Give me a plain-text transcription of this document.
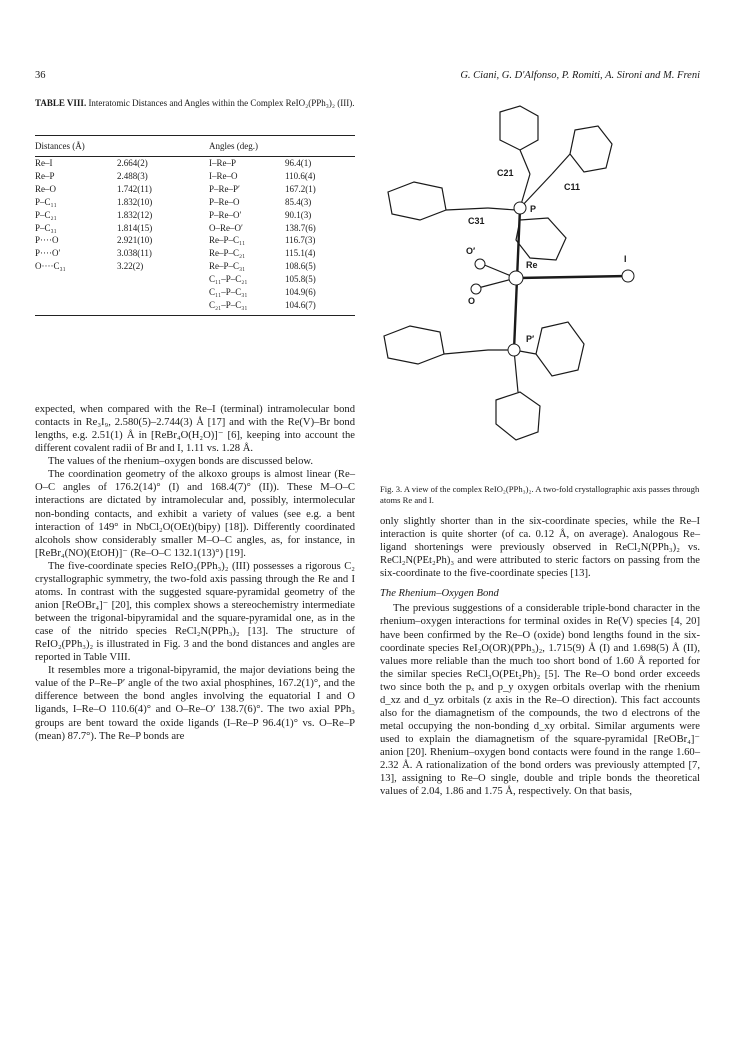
36	G. Ciani, G. D'Alfonso, P. Romiti, A. Sironi and M. Freni
TABLE VIII. Interatomic Distances and Angles within the Complex ReIO₂(PPh₃)₂ (III).
Distances (Å)		Angles (deg.)	
Re–I	2.664(2)	I–Re–P	96.4(1)
Re–P	2.488(3)	I–Re–O	110.6(4)
Re–O	1.742(11)	P–Re–P′	167.2(1)
P–C₁₁	1.832(10)	P–Re–O	85.4(3)
P–C₂₁	1.832(12)	P–Re–O′	90.1(3)
P–C₃₁	1.814(15)	O–Re–O′	138.7(6)
P····O	2.921(10)	Re–P–C₁₁	116.7(3)
P····O′	3.038(11)	Re–P–C₂₁	115.1(4)
O····C₃₁	3.22(2)	Re–P–C₃₁	108.6(5)
		C₁₁–P–C₂₁	105.8(5)
		C₁₁–P–C₃₁	104.9(6)
		C₂₁–P–C₃₁	104.6(7)
C21
C11
C31
P
O′
Re
I
O
P′
Fig. 3. A view of the complex ReIO₂(PPh₃)₂. A two-fold crystallographic axis passes through atoms Re and I.

expected, when compared with the Re–I (terminal) intramolecular bond contacts in Re₃I₉, 2.580(5)–2.744(3) Å [17] and with the Re(V)–Br bond lengths, e.g. 2.51(1) Å in [ReBr₄O(H₂O)]⁻ [6], keeping into account the different covalent radii of Br and I, 1.11 vs. 1.28 Å.

The values of the rhenium–oxygen bonds are discussed below.

The coordination geometry of the alkoxo groups is almost linear (Re–O–C angles of 176.2(14)° (I) and 168.4(7)° (II)). These M–O–C interactions are dictated by intramolecular and, possibly, intermolecular non-bonding contacts, and exhibit a variety of values (see e.g. a bent interaction of 149° in NbCl₂O(OEt)(bipy) [18]). Differently coordinated alcohols show considerably smaller M–O–C angles, as, for instance, in [ReBr₄(NO)(EtOH)]⁻ (Re–O–C 132.1(13)°) [19].

The five-coordinate species ReIO₂(PPh₃)₂ (III) possesses a rigorous C₂ crystallographic symmetry, the two-fold axis passing through the Re and I atoms. In contrast with the suggested square-pyramidal geometry of the anion [ReOBr₄]⁻ [20], this complex shows a stereochemistry intermediate between the trigonal-bipyramidal and the square-pyramidal one, as in the case of the nitrido species ReCl₂N(PPh₃)₂ [13]. The structure of ReIO₂(PPh₃)₂ is illustrated in Fig. 3 and the bond distances and angles are reported in Table VIII.

It resembles more a trigonal-bipyramid, the major deviations being the value of the P–Re–P′ angle of the two axial phosphines, 167.2(1)°, and the difference between the bond angles involving the equatorial I and O ligands, I–Re–O 110.6(4)° and O–Re–O′ 138.7(6)°. The two axial PPh₃ groups are bent toward the oxide ligands (I–Re–P 96.4(1)° vs. O–Re–P (mean) 87.7°). The Re–P bonds are

only slightly shorter than in the six-coordinate species, while the Re–I interaction is quite shorter (of ca. 0.12 Å, on average). Analogous Re–ligand shortenings were previously observed in ReCl₂N(PPh₃)₂ vs. ReCl₂N(PEt₂Ph)₃ and were attributed to steric factors on passing from the six-coordinate to the five-coordinate species [13].

The Rhenium–Oxygen Bond

The previous suggestions of a considerable triple-bond character in the rhenium–oxygen interactions for terminal oxides in Re(V) species [4, 20] have been confirmed by the Re–O (oxide) bond lengths found in the six-coordinate species ReI₂O(OR)(PPh₃)₂, 1.715(9) Å (I) and 1.698(5) Å (II), values more reliable than the much too short bond of 1.60 Å reported for the similar species ReCl₃O(PEt₂Ph)₂ [5]. The Re–O bond order exceeds two since both the pₓ and p_y oxygen orbitals overlap with the rhenium d_xz and d_yz orbitals (z axis in the Re–O direction). This fact accounts also for the diamagnetism of the compounds, the two d electrons of the metal occupying the non-bonding d_xy orbital. Similar arguments were used to explain the diamagnetism of the square-pyramidal [ReOBr₄]⁻ anion [20]. Rhenium–oxygen bond contacts were found in the range 1.60–2.32 Å. A rationalization of the bond orders was previously attempted [7, 13], assigning to Re–O single, double and triple bonds the theoretical values of 2.04, 1.86 and 1.75 Å, respectively. On that basis,
